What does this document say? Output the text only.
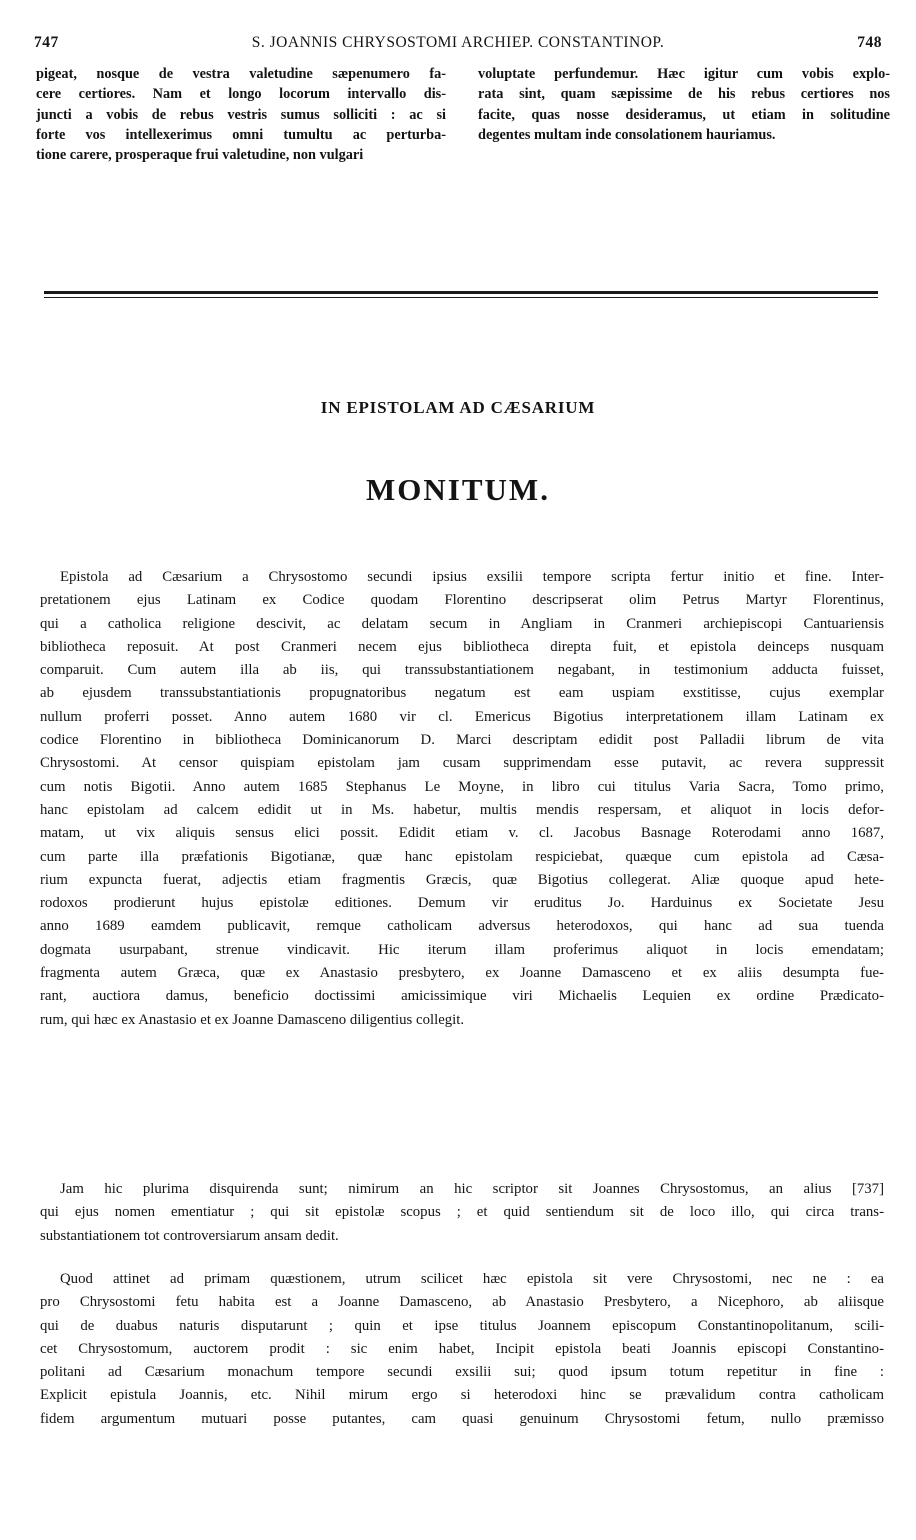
747	S. JOANNIS CHRYSOSTOMI ARCHIEP. CONSTANTINOP.	748
pigeat, nosque de vestra valetudine sæpenumero fa-
cere certiores. Nam et longo locorum intervallo dis-
juncti a vobis de rebus vestris sumus solliciti : ac si
forte vos intellexerimus omni tumultu ac perturba-
tione carere, prosperaque frui valetudine, non vulgari
voluptate perfundemur. Hæc igitur cum vobis explo-
rata sint, quam sæpissime de his rebus certiores nos
facite, quas nosse desideramus, ut etiam in solitudine
degentes multam inde consolationem hauriamus.
IN EPISTOLAM AD CÆSARIUM
MONITUM.
Epistola ad Cæsarium a Chrysostomo secundi ipsius exsilii tempore scripta fertur initio et fine. Inter-
pretationem ejus Latinam ex Codice quodam Florentino descripserat olim Petrus Martyr Florentinus,
qui a catholica religione descivit, ac delatam secum in Angliam in Cranmeri archiepiscopi Cantuariensis
bibliotheca reposuit. At post Cranmeri necem ejus bibliotheca direpta fuit, et epistola deinceps nusquam
comparuit. Cum autem illa ab iis, qui transsubstantiationem negabant, in testimonium adducta fuisset,
ab ejusdem transsubstantiationis propugnatoribus negatum est eam uspiam exstitisse, cujus exemplar
nullum proferri posset. Anno autem 1680 vir cl. Emericus Bigotius interpretationem illam Latinam ex
codice Florentino in bibliotheca Dominicanorum D. Marci descriptam edidit post Palladii librum de vita
Chrysostomi. At censor quispiam epistolam jam cusam supprimendam esse putavit, ac revera suppressit
cum notis Bigotii. Anno autem 1685 Stephanus Le Moyne, in libro cui titulus Varia Sacra, Tomo primo,
hanc epistolam ad calcem edidit ut in Ms. habetur, multis mendis respersam, et aliquot in locis defor-
matam, ut vix aliquis sensus elici possit. Edidit etiam v. cl. Jacobus Basnage Roterodami anno 1687,
cum parte illa præfationis Bigotianæ, quæ hanc epistolam respiciebat, quæque cum epistola ad Cæsa-
rium expuncta fuerat, adjectis etiam fragmentis Græcis, quæ Bigotius collegerat. Aliæ quoque apud hete-
rodoxos prodierunt hujus epistolæ editiones. Demum vir eruditus Jo. Harduinus ex Societate Jesu
anno 1689 eamdem publicavit, remque catholicam adversus heterodoxos, qui hanc ad sua tuenda
dogmata usurpabant, strenue vindicavit. Hic iterum illam proferimus aliquot in locis emendatam;
fragmenta autem Græca, quæ ex Anastasio presbytero, ex Joanne Damasceno et ex aliis desumpta fue-
rant, auctiora damus, beneficio doctissimi amicissimique viri Michaelis Lequien ex ordine Prædicato-
rum, qui hæc ex Anastasio et ex Joanne Damasceno diligentius collegit.
Jam hic plurima disquirenda sunt; nimirum an hic scriptor sit Joannes Chrysostomus, an alius [737]
qui ejus nomen ementiatur ; qui sit epistolæ scopus ; et quid sentiendum sit de loco illo, qui circa trans-
substantiationem tot controversiarum ansam dedit.
Quod attinet ad primam quæstionem, utrum scilicet hæc epistola sit vere Chrysostomi, nec ne : ea
pro Chrysostomi fetu habita est a Joanne Damasceno, ab Anastasio Presbytero, a Nicephoro, ab aliisque
qui de duabus naturis disputarunt ; quin et ipse titulus Joannem episcopum Constantinopolitanum, scili-
cet Chrysostomum, auctorem prodit : sic enim habet, Incipit epistola beati Joannis episcopi Constantino-
politani ad Cæsarium monachum tempore secundi exsilii sui; quod ipsum totum repetitur in fine :
Explicit epistula Joannis, etc. Nihil mirum ergo si heterodoxi hinc se prævalidum contra catholicam
fidem argumentum mutuari posse putantes, cam quasi genuinum Chrysostomi fetum, nullo præmisso
